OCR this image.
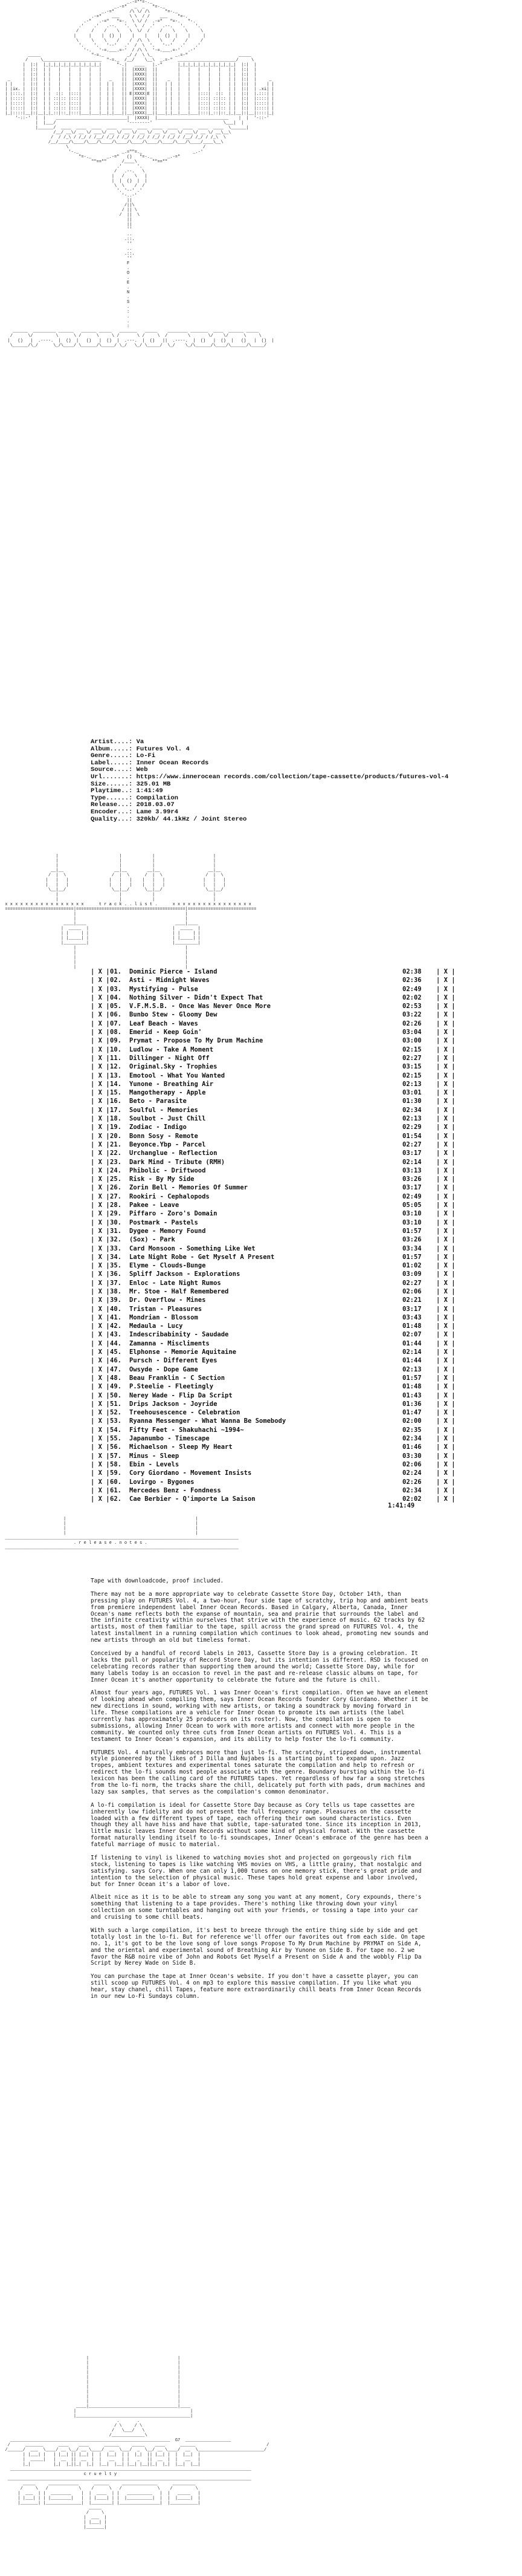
_.-=""=-._
_.-="   _  _   "=-._
_.-="      /\ \/ /\      "=-._
.-="    ___    \ \  / /    ___    "=-.
.-"   .-="   "=-.  \ \/ /  .-="   "=-.   "-.
.'    .'   .--.   '.  \  /  .'   .--.   '.    '.
/     /    /    \    \  \/  /    /    \    \     \
|     |    |  ()  |    |    |    |  ()  |    |     |
\     \    \    /    /  /\  \    \    /    /     /
'.    '.   '--'   .'  /  \  '.   '--'   .'    .'
'-.   '-=.___.=-'  / /\ \  '-=.___.=-'   .-'
_____                    "-=._         _/ /  \ \_         _.=-"                    _____
/     \_______________________  "-=._  /__/    \__\  _.=-"  _______________________/     \
|  |:|  |_|_|_|_|_|_|_|_|_|_|_|      "-.|   ____   |.-"      |_|_|_|_|_|_|_|_|_|_|_|  |:|  |
|  |:|  | |   |   |   |   |   |        ||  |XXXX|  ||        |   |   |   |   |   | |  |:|  |
|  |:|  | |   |   |   |   |   |        ||  |XXXX|  ||        |   |   |   |   |   | |  |:|  |
_     |  |:|  | |   |   |   |   |   |   _    ||  |XXXX|  ||    _   |   |   |   |   |   | |  |:|  |     _
| |    |  |:|  | |   |   |   |   |   |  | |   ||  |XXXX|  ||   | |  |   |   |   |   |   | |  |:|  |    | |
| |ix. |  |:|  | |   |   |   |   |   |  | |   ||  |XXXX|  ||   | |  |   |   |   |   |   | |  |:|  | .xi| |
| |:::.|  |:|  | |  :|:  |:::|   |   |  | |   || E|XXXX|E ||   | |  |   |   |:::|  :|:  | |  |:|  |.:::| |
| |::::|  |:|  | | ::|:: |:::|   |   |  | |   ||  |XXXX|  ||   | |  |   |   |:::| ::|:: | |  |:|  |::::| |
| |::::|  |:|  | | ::|:: |:::|   |   |  | |   ||  |XXXX|  ||   | |  |   |   |:::| ::|:: | |  |:|  |::::| |
| |::::|  |:|  | | ::|:: |:::|   |   |  | |   ||  |XXXX|  ||   | |  |   |   |:::| ::|:: | |  |:|  |::::| |
|_|::::|__|:|__|_|_::|::_|:::|___|___|__|_|___||__|XXXX|__||___|_|__|___|___|:::|_::|::_|_|__|:|__|::::|_|
'-::-'  |  |    ____________________________|  |XXXX|  |____________________________    |  |  '-::-'
|  |___/                            '--------'                            \___|  |
|______/  ____  ____  ____  ____  ____  ____  ____  ____  ____  ____  ____  \______|
/__/ __\/ __ \/ ___\/ __ \/ __ \/ __ \/ __ \/ __ \/ ___\/ __ \/ __\__\
/  / /_\ / /_/ / /__/ /_/ / /_/ / /_/ / /_/ / /_/ / /__/ /_/ / /_\  \
/__/____/\____/\___/\____/\____/\____/\____/\____/\___/\____/____\__\
\                                                     /
'-._                 _.=""=._                    _.-'
"=-._      _.-="   ()   "=-._      _.-="
""==""      /____\      ""==""
.'      '.
/   .--.   \
|   /    \   |
|  |  ()  |  |
\  \    /  /
'. '--' .'
'-..-'
||
/||\
/ || \
/  ||  \
||
||
''
..
.::.
''
..
.::.
''
F
.
O
.
E
.
N
.
S
.
:
.
.
:
______  _________ ______   ______ _____   _______   _____    ________ _______  ____  ______ _____
/      \/         \      \ /      \     \ /       \ /     \  /        \       \/    \/      \     \
|   ()   |  .----.  |  ()  |   ()   |  ()  |  .---.  |  ()   ||  .----.  |  ()   |  ()  |   ()   |  ()  |
\______/\_/      \_/\____/ \______/\_____/ \_/   \_/ \_____/  \_/    \_/\______/\____/\______/\_____/

Artist....: Va
Album.....: Futures Vol. 4
Genre.....: Lo-Fi
Label.....: Inner Ocean Records
Source....: Web
Url.......: https://www.innerocean records.com/collection/tape-cassette/products/futures-vol-4
Size......: 325.01 MB
Playtime..: 1:41:49
Type......: Compilation
Release...: 2018.03.07
Encoder...: Lame 3.99r4
Quality...: 320kb/ 44.1kHz / Joint Stereo
|                        |            |                       |
|                        |            |                       |
|                        |            |                       |
__|__                    __|__        __|__                   __|__
/  |  \                  /  |  \      /  |  \                 /  |  \
|   |   |                |   |   |    |   |   |               |   |   |
|   |   |                |   |   |    |   |   |               |   |   |
\__|__/                  \__|__/      \__|__/                 \__|__/
|                        |            |                       |
|                        |            |                       |
x x x x x x x x x x x x x x x x      t r a c k . . l i s t .      x x x x x x x x x x x x x x x x
===========================|===========================================|===========================
|                                           |
|                                           |
____|____                                   ____|____
|  _____  |                                 |  _____  |
| |     | |                                 | |     | |
| |_____| |                                 | |_____| |
|_________|                                 |_________|
|                                           |
|                                           |
|                                           |
|                                           |
|                                           |

| X | 01. Dominic Pierce - Island	02:38 | X |
| X | 02. Asti - Midnight Waves	02:36 | X |
| X | 03. Mystifying - Pulse	02:49 | X |
| X | 04. Nothing Silver - Didn't Expect That	02:02 | X |
| X | 05. V.F.M.S.B. - Once Was Never Once More	02:53 | X |
| X | 06. Bunbo Stew - Gloomy Dew	03:22 | X |
| X | 07. Leaf Beach - Waves	02:26 | X |
| X | 08. Emerid - Keep Goin'	03:04 | X |
| X | 09. Prymat - Propose To My Drum Machine	03:00 | X |
| X | 10. Ludlow - Take A Moment	02:15 | X |
| X | 11. Dillinger - Night Off	02:27 | X |
| X | 12. Original.Sky - Trophies	03:15 | X |
| X | 13. Emotool - What You Wanted	02:15 | X |
| X | 14. Yunone - Breathing Air	02:13 | X |
| X | 15. Mangotherapy - Apple	03:01 | X |
| X | 16. Beto - Parasite	01:30 | X |
| X | 17. Soulful - Memories	02:34 | X |
| X | 18. Soulbot - Just Chill	02:13 | X |
| X | 19. Zodiac - Indigo	02:29 | X |
| X | 20. Bonn Sosy - Remote	01:54 | X |
| X | 21. Beyonce.Ybp - Parcel	02:27 | X |
| X | 22. Urchanglue - Reflection	03:17 | X |
| X | 23. Dark Mind - Tribute (RMH)	02:14 | X |
| X | 24. Phibolic - Driftwood	03:13 | X |
| X | 25. Risk - By My Side	03:26 | X |
| X | 26. Zorin Bell - Memories Of Summer	03:17 | X |
| X | 27. Rookiri - Cephalopods	02:49 | X |
| X | 28. Pakee - Leave	05:05 | X |
| X | 29. Piffaro - Zoro's Domain	03:10 | X |
| X | 30. Postmark - Pastels	03:10 | X |
| X | 31. Dygee - Memory Found	01:57 | X |
| X | 32. (Sox) - Park	03:26 | X |
| X | 33. Card Monsoon - Something Like Wet	03:34 | X |
| X | 34. Late Night Robe - Get Myself A Present	01:57 | X |
| X | 35. Elyme - Clouds-Bunge	01:02 | X |
| X | 36. Spliff Jackson - Explorations	03:09 | X |
| X | 37. Enloc - Late Night Rumos	02:27 | X |
| X | 38. Mr. Stoe - Half Remembered	02:06 | X |
| X | 39. Dr. Overflow - Mines	02:21 | X |
| X | 40. Tristan - Pleasures	03:17 | X |
| X | 41. Mondrian - Blossom	03:43 | X |
| X | 42. Medaula - Lucy	01:48 | X |
| X | 43. Indescribabinity - Saudade	02:07 | X |
| X | 44. Zamanna - Miscliments	01:44 | X |
| X | 45. Elphonse - Memorie Aquitaine	02:14 | X |
| X | 46. Pursch - Different Eyes	01:44 | X |
| X | 47. Owsyde - Dope Game	02:13 | X |
| X | 48. Beau Franklin - C Section	01:57 | X |
| X | 49. P.Steelie - Fleetingly	01:48 | X |
| X | 50. Nerey Wade - Flip Da Script	01:43 | X |
| X | 51. Drips Jackson - Joyride	01:36 | X |
| X | 52. Treehousescence - Celebration	01:47 | X |
| X | 53. Ryanna Messenger - What Wanna Be Somebody	02:00 | X |
| X | 54. Fifty Feet - Shakuhachi ~1994~	02:35 | X |
| X | 55. Japanumbo - Timescape	02:34 | X |
| X | 56. Michaelson - Sleep My Heart	01:46 | X |
| X | 57. Minus - Sleep	03:30 | X |
| X | 58. Ebin - Levels	02:06 | X |
| X | 59. Cory Giordano - Movement Insists	02:24 | X |
| X | 60. Lovirgo - Bygones	02:26 | X |
| X | 61. Mercedes Benz - Fondness	02:34 | X |
| X | 62. Cae Berbier - Q'importe La Saison	02:02 | X |
1:41:49
|                                                   |
|                                                   |
|                                                   |
|                                                   |
____________________________________________________________________________________________
. r e l e a s e . n o t e s .
____________________________________________________________________________________________

Tape with downloadcode, proof included.

There may not be a more appropriate way to celebrate Cassette Store Day, October 14th, than pressing play on FUTURES Vol. 4, a two-hour, four side tape of scratchy, trip hop and ambient beats from premiere independent label Inner Ocean Records. Based in Calgary, Alberta, Canada, Inner Ocean's name reflects both the expanse of mountain, sea and prairie that surrounds the label and the infinite creativity within ourselves that strive with the experience of music. 62 tracks by 62 artists, most of them familiar to the tape, spill across the grand spread on FUTURES Vol. 4, the latest installment in a running compilation which continues to look ahead, promoting new sounds and new artists through an old but timeless format.

Conceived by a handful of record labels in 2013, Cassette Store Day is a growing celebration. It lacks the pull or popularity of Record Store Day, but its intention is different. RSD is focused on celebrating records rather than supporting them around the world; Cassette Store Day, while for many labels today is an occasion to revel in the past and re-release classic albums on tape, for Inner Ocean it's another opportunity to celebrate the future and the future is chill.

Almost four years ago, FUTURES Vol. 1 was Inner Ocean's first compilation. Often we have an element of looking ahead when compiling them, says Inner Ocean Records founder Cory Giordano. Whether it be new directions in sound, working with new artists, or taking a soundtrack by moving forward in life. These compilations are a vehicle for Inner Ocean to promote its own artists (the label currently has approximately 25 producers on its roster). Now, the compilation is open to submissions, allowing Inner Ocean to work with more artists and connect with more people in the community. We counted only three cuts from Inner Ocean artists on FUTURES Vol. 4. This is a testament to Inner Ocean's expansion, and its ability to help foster the lo-fi community.

FUTURES Vol. 4 naturally embraces more than just lo-fi. The scratchy, stripped down, instrumental style pioneered by the likes of J Dilla and Nujabes is a starting point to expand upon. Jazz tropes, ambient textures and experimental tones saturate the compilation and help to refresh or redirect the lo-fi sounds most people associate with the genre. Boundary bursting within the lo-fi lexicon has been the calling card of the FUTURES tapes. Yet regardless of how far a song stretches from the lo-fi norm, the tracks share the chill, delicately put forth with pads, drum machines and lazy sax samples, that serves as the compilation's common denominator.

A lo-fi compilation is ideal for Cassette Store Day because as Cory tells us tape cassettes are inherently low fidelity and do not present the full frequency range. Pleasures on the cassette loaded with a few different types of tape, each offering their own sound characteristics. Even though they all have hiss and have that subtle, tape-saturated tone. Since its inception in 2013, little music leaves Inner Ocean Records without some kind of physical format. With the cassette format naturally lending itself to lo-fi soundscapes, Inner Ocean's embrace of the genre has been a fateful marriage of music to material.

If listening to vinyl is likened to watching movies shot and projected on gorgeously rich film stock, listening to tapes is like watching VHS movies on VHS, a little grainy, that nostalgic and satisfying. says Cory. When one can only 1,000 tunes on one memory stick, there's great pride and intention to the selection of physical music. These tapes hold great expense and labor involved, but for Inner Ocean it's a labor of love.

Albeit nice as it is to be able to stream any song you want at any moment, Cory expounds, there's something that listening to a tape provides. There's nothing like throwing down your vinyl collection on some turntables and hanging out with your friends, or tossing a tape into your car and cruising to some chill beats.

With such a large compilation, it's best to breeze through the entire thing side by side and get totally lost in the lo-fi. But for reference we'll offer our favorites out from each side. On tape no. 1, it's got to be the love song of love songs Propose To My Drum Machine by PRYMAT on Side A, and the oriental and experimental sound of Breathing Air by Yunone on Side B. For tape no. 2 we favor the R&B noire vibe of John and Robots Get Myself a Present on Side A and the wobbly Flip Da Script by Nerey Wade on Side B.

You can purchase the tape at Inner Ocean's website. If you don't have a cassette player, you can still scoop up FUTURES Vol. 4 on mp3 to explore this massive compilation. If you like what you hear, stay chanel, chill Tapes, feature more extraordinarily chill beats from Inner Ocean Records in our new Lo-Fi Sundays column.

|                                   |
|                                   |
|                                   |
|                                   |
|                                   |
|                                   |
|                                   |
|                                   |
|                                   |
|                                   |
____|___________________________________|____
|                                             |
|_____________________________________________|
.       .
/ \     / \
/   \___/   \
/_____________\
_______________________________________________________________  G7  __________________
/      _______      ____    ____      ______     _____    ____      ______                            /
/______/  ___  \____/ __ \__/ __ \____/  __  \___/  _  \__/ __ \____/  __  \__________________________/
| |___| |   | |__| || |__| |  |  |__|  | |  |_|  || |__| |  |  |__|  |
|  _____|   |  __  ||  __  |  |   __   | |   _   ||  __  |  |   __   |
|_|         |_|  |_||_|  |_|  |__|  |__| |__| |__||_|  |_|  |__|  |__|
_______________________________________________________________________________________________
c r u e l t y
________________________________________________________________________________________________
_____     ____________      ______     ______________      _________
/     \   /            \    /      \   /              \    /         \
|  ___  | |  ________    |  |  ____  | |   __________   |  |   _____   |
| |___| | | |________|   |  | |____| | |  |__________|  |  |  |_____|  |
|_______| |______________|  |________| |________________|  |___________|
_____
/     \
|  ___  |
| |___| |
|_______|
